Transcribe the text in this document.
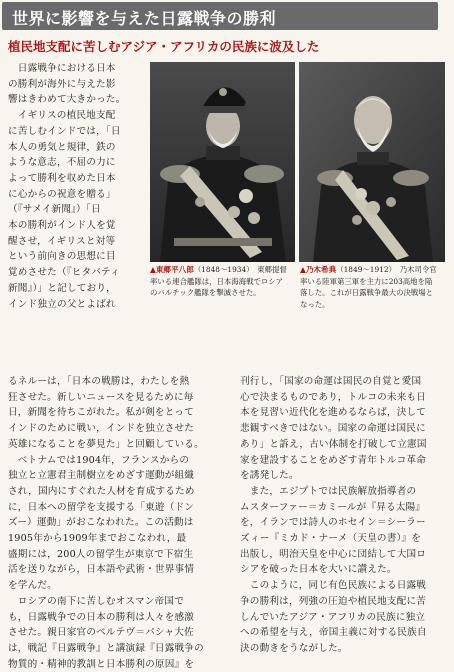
世界に影響を与えた日露戦争の勝利
植民地支配に苦しむアジア・アフリカの民族に波及した
　日露戦争における日本
の勝利が海外に与えた影
響はきわめて大きかった。
　イギリスの植民地支配
に苦しむインドでは，「日
本人の勇気と規律，鉄の
ような意志，不屈の力に
よって勝利を収めた日本
に心からの祝意を贈る」
（『サメイ新聞』）「日
本の勝利がインド人を覚
醒させ，イギリスと対等
という前向きの思想に目
覚めさせた（『ヒタバティ
新聞』）」と記しており，
インド独立の父とよばれ
▲東郷平八郎（1848～1934）　東郷提督
率いる連合艦隊は，日本海海戦でロシア
のバルチック艦隊を撃滅させた。
▲乃木希典（1849～1912）　乃木司令官
率いる陸軍第三軍を主力に203高地を陥
落した。これが日露戦争最大の決戦場と
なった。
るネルーは，「日本の戦勝は，わたしを熱
狂させた。新しいニュースを見るために毎
日，新聞を待ちこがれた。私が剣をとって
インドのために戦い，インドを独立させた
英雄になることを夢見た」と回顧している。
　ベトナムでは1904年，フランスからの
独立と立憲君主制樹立をめざす運動が組織
され，国内にすぐれた人材を育成するため
に，日本への留学を支援する「東遊（ドン
ズー）運動」がおこなわれた。この活動は
1905年から1909年までおこなわれ，最
盛期には，200人の留学生が東京で下宿生
活を送りながら，日本語や武術・世界事情
を学んだ。
　ロシアの南下に苦しむオスマン帝国で
も，日露戦争での日本の勝利は人々を感激
させた。親日家官のベルテヴ＝パシャ大佐
は，戦記『日露戦争』と講演録『日露戦争の
物質的・精神的教訓と日本勝利の原因』を
刊行し，「国家の命運は国民の自覚と愛国
心で決まるものであり，トルコの未来も日
本を見習い近代化を進めるならば，決して
悲観すべきではない。国家の命運は国民に
あり」と訴え，古い体制を打破して立憲国
家を建設することをめざす青年トルコ革命
を誘発した。
　また，エジプトでは民族解放指導者の
ムスターファー＝カミールが『昇る太陽』
を，イランでは詩人のホセイン＝シーラー
ズィー『ミカド・ナーメ（天皇の書）』を
出版し，明治天皇を中心に団結して大国ロ
シアを破った日本を大いに讃えた。
　このように，同じ有色民族による日露戦
争の勝利は，列強の圧迫や植民地支配に苦
しんでいたアジア・アフリカの民族に独立
への希望を与え，帝国主義に対する民族自
決の動きをうながした。
